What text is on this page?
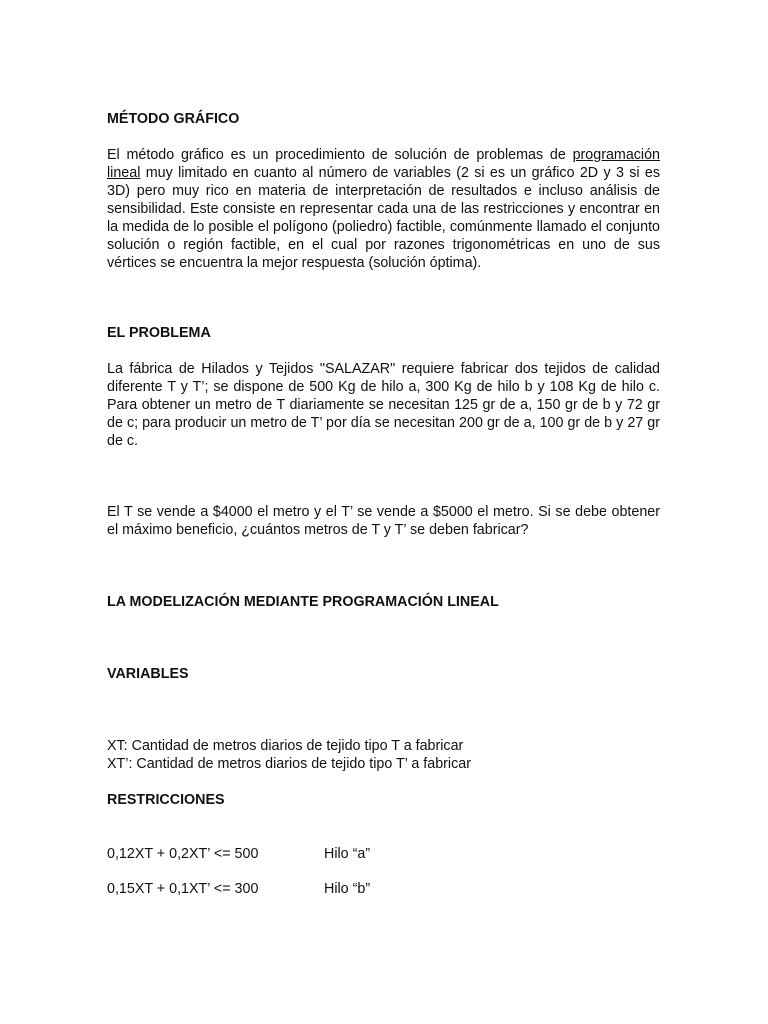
MÉTODO GRÁFICO

El método gráfico es un procedimiento de solución de problemas de programación lineal muy limitado en cuanto al número de variables (2 si es un gráfico 2D y 3 si es 3D) pero muy rico en materia de interpretación de resultados e incluso análisis de sensibilidad. Este consiste en representar cada una de las restricciones y encontrar en la medida de lo posible el polígono (poliedro) factible, comúnmente llamado el conjunto solución o región factible, en el cual por razones trigonométricas en uno de sus vértices se encuentra la mejor respuesta (solución óptima).

EL PROBLEMA

La fábrica de Hilados y Tejidos "SALAZAR" requiere fabricar dos tejidos de calidad diferente T y T’; se dispone de 500 Kg de hilo a, 300 Kg de hilo b y 108 Kg de hilo c. Para obtener un metro de T diariamente se necesitan 125 gr de a, 150 gr de b y 72 gr de c; para producir un metro de T’ por día se necesitan 200 gr de a, 100 gr de b y 27 gr de c.

El T se vende a $4000 el metro y el T’ se vende a $5000 el metro. Si se debe obtener el máximo beneficio, ¿cuántos metros de T y T’ se deben fabricar?

LA MODELIZACIÓN MEDIANTE PROGRAMACIÓN LINEAL
VARIABLES
XT: Cantidad de metros diarios de tejido tipo T a fabricar
XT’: Cantidad de metros diarios de tejido tipo T’ a fabricar
RESTRICCIONES
0,12XT + 0,2XT’ <= 500	Hilo “a”
0,15XT + 0,1XT’ <= 300	Hilo “b”
